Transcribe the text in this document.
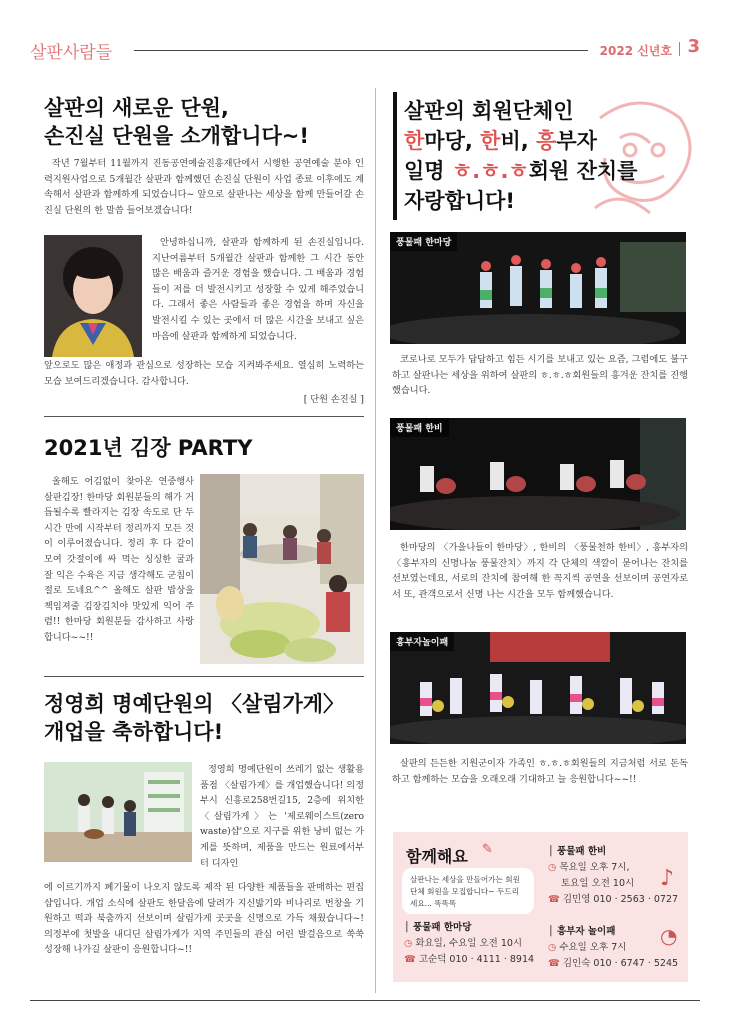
살판사람들	2022 신년호 3
살판의 새로운 단원,
손진실 단원을 소개합니다~!

작년 7월부터 11월까지 진동공연예술진흥재단에서 시행한 공연예술 분야 인력지원사업으로 5개월간 살판과 함께했던 손진실 단원이 사업 종료 이후에도 계속해서 살판과 함께하게 되었습니다~ 앞으로 살판나는 세상을 함께 만들어갈 손진실 단원의 한 말씀 들어보겠습니다!

안녕하십니까, 살판과 함께하게 된 손진실입니다. 지난여름부터 5개월간 살판과 함께한 그 시간 동안 많은 배움과 즐거운 경험을 했습니다. 그 배움과 경험들이 저를 더 발전시키고 성장할 수 있게 해주었습니다. 그래서 좋은 사람들과 좋은 경험을 하며 자신을 발전시킬 수 있는 곳에서 더 많은 시간을 보내고 싶은 마음에 살판과 함께하게 되었습니다.

앞으로도 많은 애정과 관심으로 성장하는 모습 지켜봐주세요. 열심히 노력하는 모습 보여드리겠습니다. 감사합니다.

[ 단원 손진실 ]

2021년 김장 PARTY

올해도 어김없이 찾아온 연중행사 살판김장! 한마당 회원분들의 해가 거듭될수록 빨라지는 김장 속도로 단 두 시간 만에 시작부터 정리까지 모든 것이 이루어졌습니다. 정리 후 다 같이 모여 갓절이에 싸 먹는 싱싱한 굴과 잘 익은 수육은 지금 생각해도 군침이 절로 도네요^^ 올해도 살판 밥상을 책임져줄 김장김치야 맛있게 익어 주렴!! 한마당 회원분들 감사하고 사랑합니다~~!!

정영희 명예단원의 〈살림가게〉
개업을 축하합니다!

정영희 명예단원이 쓰레기 없는 생활용품점 〈살림가게〉를 개업했습니다! 의정부시 신흥로258번길15, 2층에 위치한 〈살림가게〉는 '제로웨이스트(zero waste)샵'으로 지구를 위한 낭비 없는 가게를 뜻하며, 제품을 만드는 원료에서부터 디자인

에 이르기까지 폐기물이 나오지 않도록 제작 된 다양한 제품들을 판매하는 편집샵입니다. 개업 소식에 살판도 한달음에 달려가 지신밟기와 비나리로 번창을 기원하고 떡과 북춤까지 선보이며 살림가게 곳곳을 신명으로 가득 채웠습니다~! 의정부에 첫발을 내디딘 살림가게가 지역 주민들의 관심 어린 발걸음으로 쑥쑥 성장해 나가길 살판이 응원합니다~!!

살판의 회원단체인
한마당, 한비, 흥부자
일명 ㅎ.ㅎ.ㅎ회원 잔치를
자랑합니다!
풍물패 한마당

코로나로 모두가 답답하고 힘든 시기를 보내고 있는 요즘, 그럼에도 불구하고 살판나는 세상을 위하여 살판의 ㅎ.ㅎ.ㅎ회원들의 흥겨운 잔치를 진행했습니다.

풍물패 한비

한마당의 〈가을나들이 한마당〉, 한비의 〈풍물천하 한비〉, 흥부자의 〈흥부자의 신명나눔 풍물잔치〉까지 각 단체의 색깔이 묻어나는 잔치를 선보였는데요, 서로의 잔치에 참여해 한 꼭지씩 공연을 선보이며 공연자로서 또, 관객으로서 신명 나는 시간을 모두 함께했습니다.

흥부자놀이패

살판의 든든한 지원군이자 가족인 ㅎ.ㅎ.ㅎ회원들의 지금처럼 서로 돈독하고 함께하는 모습을 오래오래 기대하고 늘 응원합니다~~!!

함께해요 ✎
살판나는 세상을 만들어가는 회원단체 회원을 모집합니다~ 두드리세요... 똑똑똑
│ 풍물패 한마당
◷ 화요일, 수요일 오전 10시
☎ 고순덕 010 · 4111 · 8914
│ 풍물패 한비
◷ 목요일 오후 7시,
토요일 오전 10시
☎ 김민영 010 · 2563 · 0727
♪
│ 흥부자 놀이패
◷ 수요일 오후 7시
☎ 김인숙 010 · 6747 · 5245
◔
